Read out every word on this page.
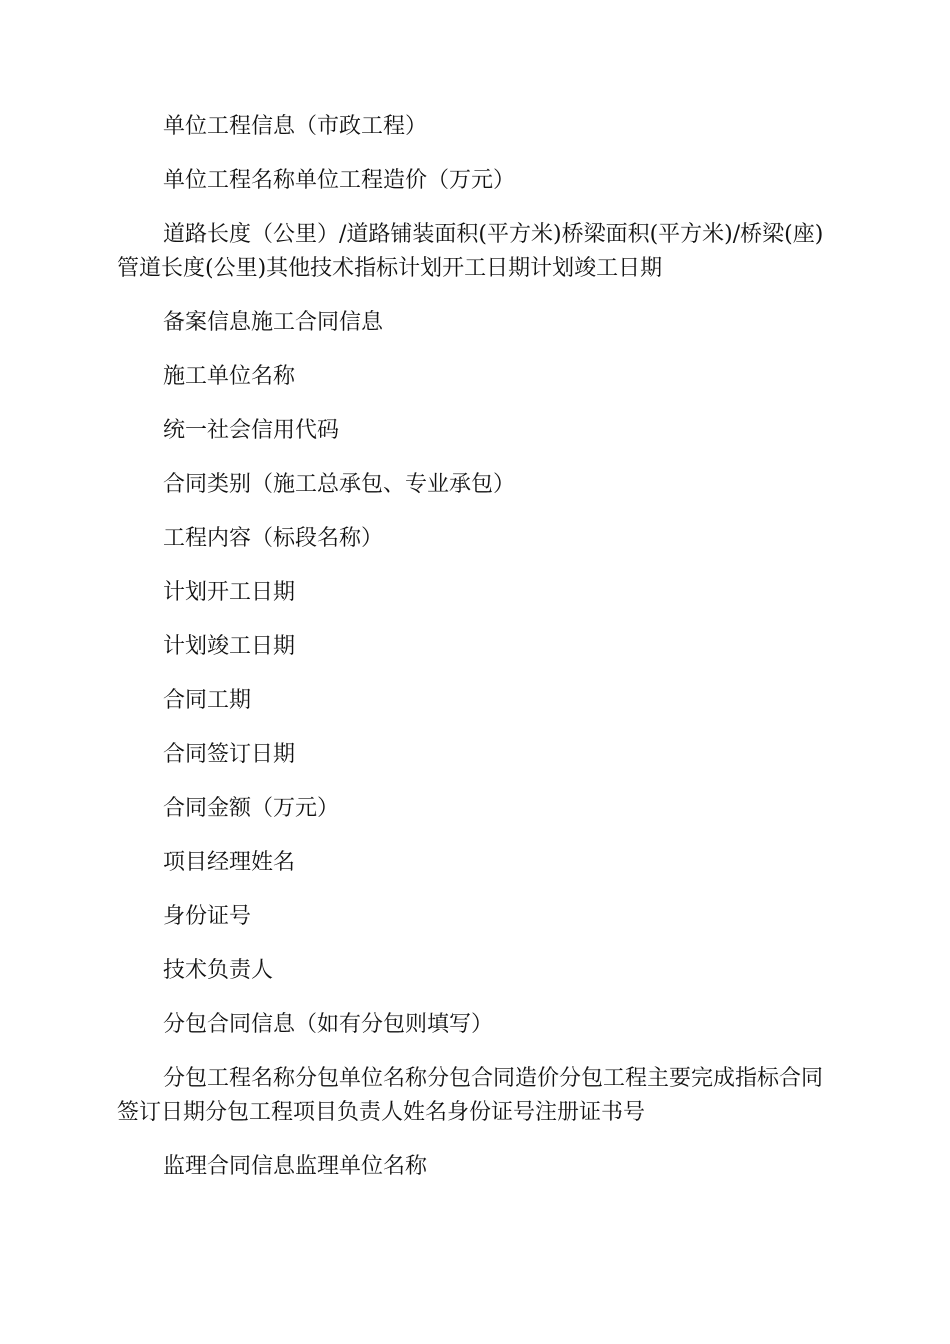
单位工程信息（市政工程）

单位工程名称单位工程造价（万元）

道路长度（公里）/道路铺装面积(平方米)桥梁面积(平方米)/桥梁(座)管道长度(公里)其他技术指标计划开工日期计划竣工日期

备案信息施工合同信息

施工单位名称

统一社会信用代码

合同类别（施工总承包、专业承包）

工程内容（标段名称）

计划开工日期

计划竣工日期

合同工期

合同签订日期

合同金额（万元）

项目经理姓名

身份证号

技术负责人

分包合同信息（如有分包则填写）

分包工程名称分包单位名称分包合同造价分包工程主要完成指标合同签订日期分包工程项目负责人姓名身份证号注册证书号

监理合同信息监理单位名称
